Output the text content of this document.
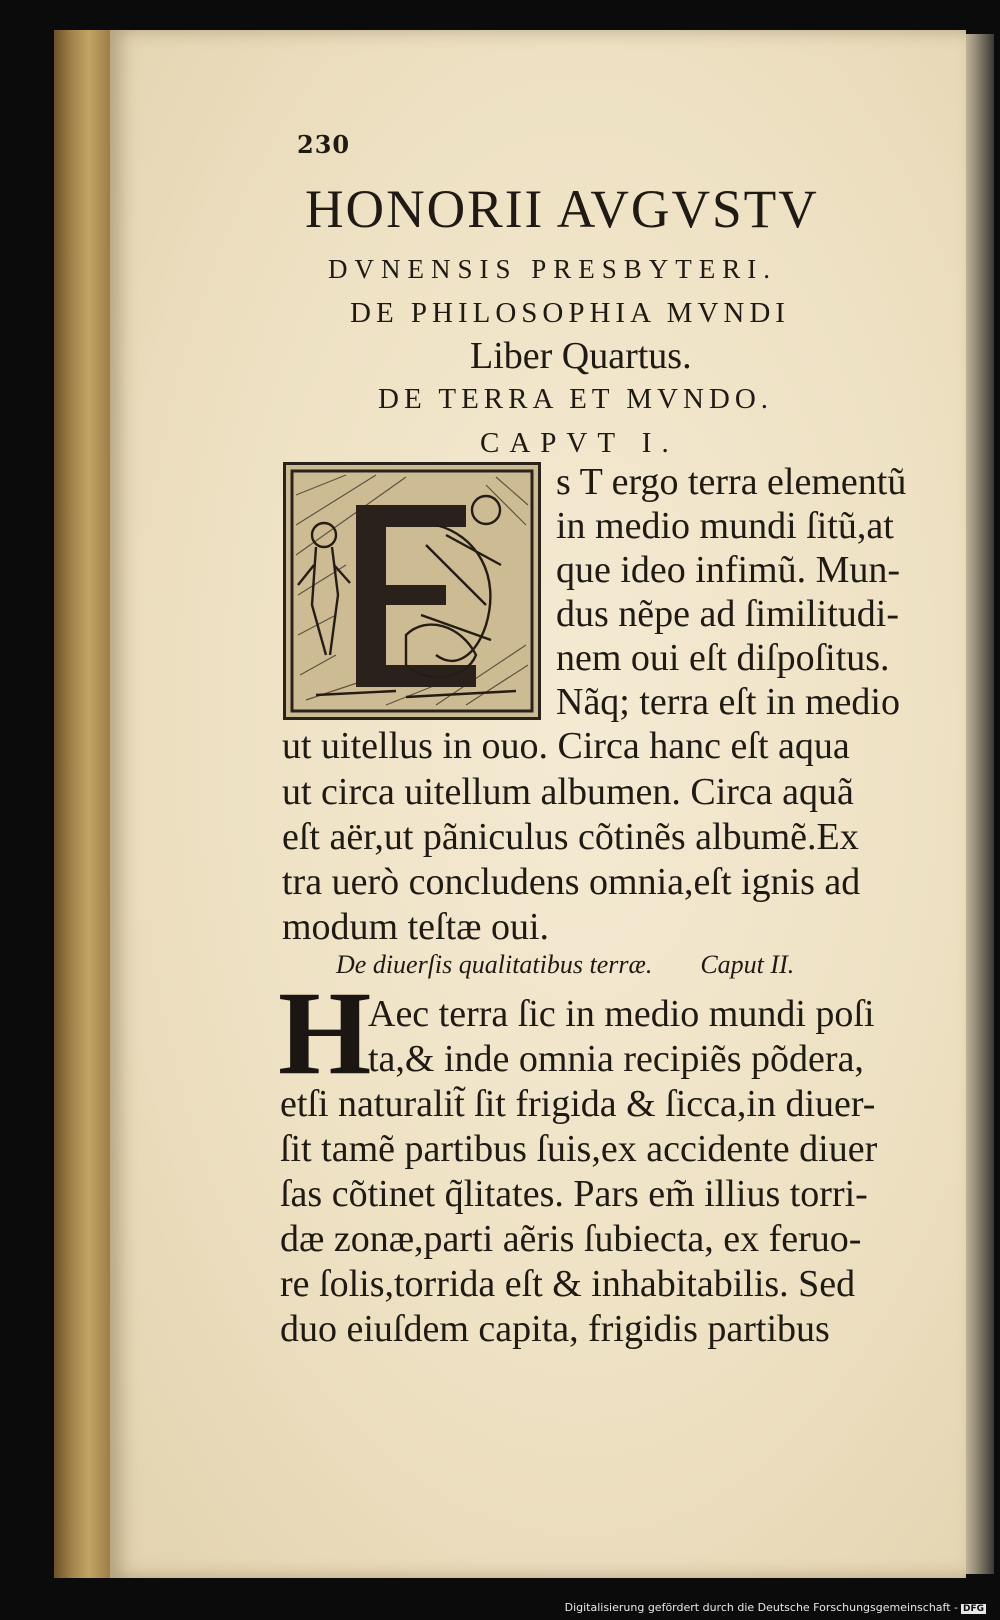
230
HONORII AVGVSTV
DVNENSIS PRESBYTERI.
DE PHILOSOPHIA MVNDI
Liber Quartus.
DE TERRA ET MVNDO.
CAPVT I.
s T ergo terra elementũ
in medio mundi ſitũ,at
que ideo infimũ. Mun-
dus nẽpe ad ſimilitudi-
nem oui eſt diſpoſitus.
Nãq; terra eſt in medio
ut uitellus in ouo. Circa hanc eſt aqua
ut circa uitellum albumen. Circa aquã
eſt aër,ut pãniculus cõtinẽs albumẽ.Ex
tra uerò concludens omnia,eſt ignis ad
modum teſtæ oui.
De diuerſis qualitatibus terræ. Caput II.
H
Aec terra ſic in medio mundi poſi
ta,& inde omnia recipiẽs põdera,
etſi naturalit̃ ſit frigida & ſicca,in diuer-
ſit tamẽ partibus ſuis,ex accidente diuer
ſas cõtinet q̃litates. Pars em̃ illius torri-
dæ zonæ,parti aẽris ſubiecta, ex feruo-
re ſolis,torrida eſt & inhabitabilis. Sed
duo eiuſdem capita, frigidis partibus
Digitalisierung gefördert durch die Deutsche Forschungsgemeinschaft - DFG
